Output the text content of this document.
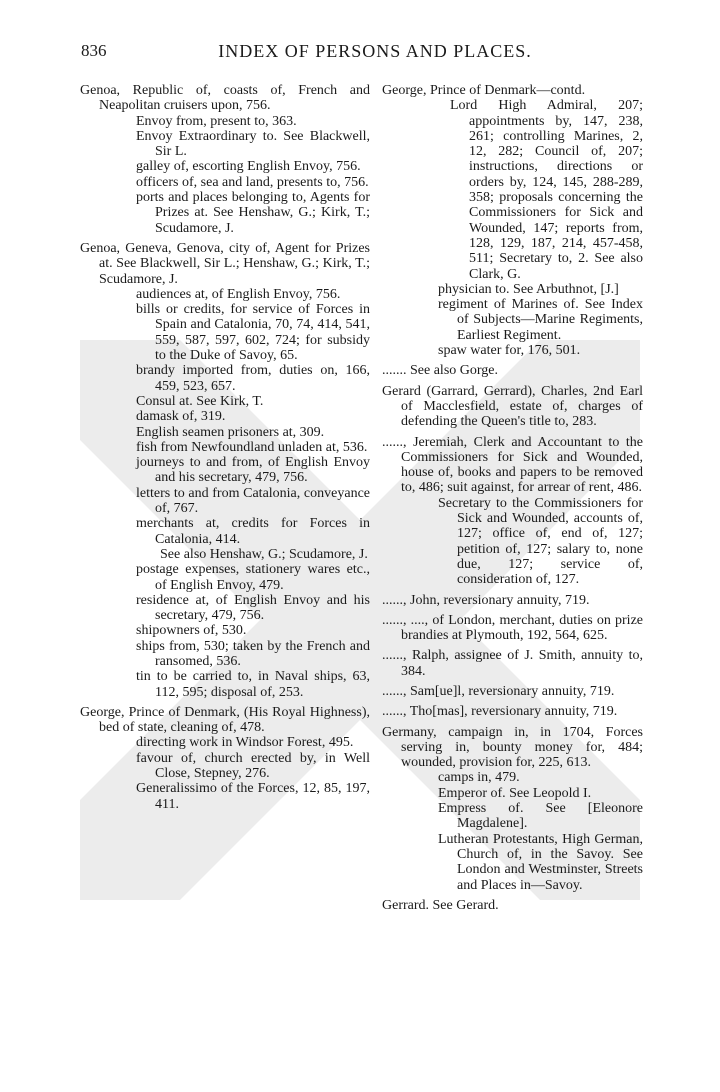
836	INDEX OF PERSONS AND PLACES.
Genoa, Republic of, coasts of, French and Neapolitan cruisers upon, 756.
Envoy from, present to, 363.
Envoy Extraordinary to. See Blackwell, Sir L.
galley of, escorting English Envoy, 756.
officers of, sea and land, presents to, 756.
ports and places belonging to, Agents for Prizes at. See Henshaw, G.; Kirk, T.; Scudamore, J.
Genoa, Geneva, Genova, city of, Agent for Prizes at. See Blackwell, Sir L.; Henshaw, G.; Kirk, T.; Scudamore, J.
audiences at, of English Envoy, 756.
bills or credits, for service of Forces in Spain and Catalonia, 70, 74, 414, 541, 559, 587, 597, 602, 724; for subsidy to the Duke of Savoy, 65.
brandy imported from, duties on, 166, 459, 523, 657.
Consul at. See Kirk, T.
damask of, 319.
English seamen prisoners at, 309.
fish from Newfoundland unladen at, 536.
journeys to and from, of English Envoy and his secretary, 479, 756.
letters to and from Catalonia, conveyance of, 767.
merchants at, credits for Forces in Catalonia, 414.
See also Henshaw, G.; Scudamore, J.
postage expenses, stationery wares etc., of English Envoy, 479.
residence at, of English Envoy and his secretary, 479, 756.
shipowners of, 530.
ships from, 530; taken by the French and ransomed, 536.
tin to be carried to, in Naval ships, 63, 112, 595; disposal of, 253.
George, Prince of Denmark, (His Royal Highness), bed of state, cleaning of, 478.
directing work in Windsor Forest, 495.
favour of, church erected by, in Well Close, Stepney, 276.
Generalissimo of the Forces, 12, 85, 197, 411.
George, Prince of Denmark—contd.
Lord High Admiral, 207; appointments by, 147, 238, 261; controlling Marines, 2, 12, 282; Council of, 207; instructions, directions or orders by, 124, 145, 288-289, 358; proposals concerning the Commissioners for Sick and Wounded, 147; reports from, 128, 129, 187, 214, 457-458, 511; Secretary to, 2. See also Clark, G.
physician to. See Arbuthnot, [J.]
regiment of Marines of. See Index of Subjects—Marine Regiments, Earliest Regiment.
spaw water for, 176, 501.
....... See also Gorge.
Gerard (Garrard, Gerrard), Charles, 2nd Earl of Macclesfield, estate of, charges of defending the Queen's title to, 283.
......, Jeremiah, Clerk and Accountant to the Commissioners for Sick and Wounded, house of, books and papers to be removed to, 486; suit against, for arrear of rent, 486.
Secretary to the Commissioners for Sick and Wounded, accounts of, 127; office of, end of, 127; petition of, 127; salary to, none due, 127; service of, consideration of, 127.
......, John, reversionary annuity, 719.
......, ...., of London, merchant, duties on prize brandies at Plymouth, 192, 564, 625.
......, Ralph, assignee of J. Smith, annuity to, 384.
......, Sam[ue]l, reversionary annuity, 719.
......, Tho[mas], reversionary annuity, 719.
Germany, campaign in, in 1704, Forces serving in, bounty money for, 484; wounded, provision for, 225, 613.
camps in, 479.
Emperor of. See Leopold I.
Empress of. See [Eleonore Magdalene].
Lutheran Protestants, High German, Church of, in the Savoy. See London and Westminster, Streets and Places in—Savoy.
Gerrard. See Gerard.
